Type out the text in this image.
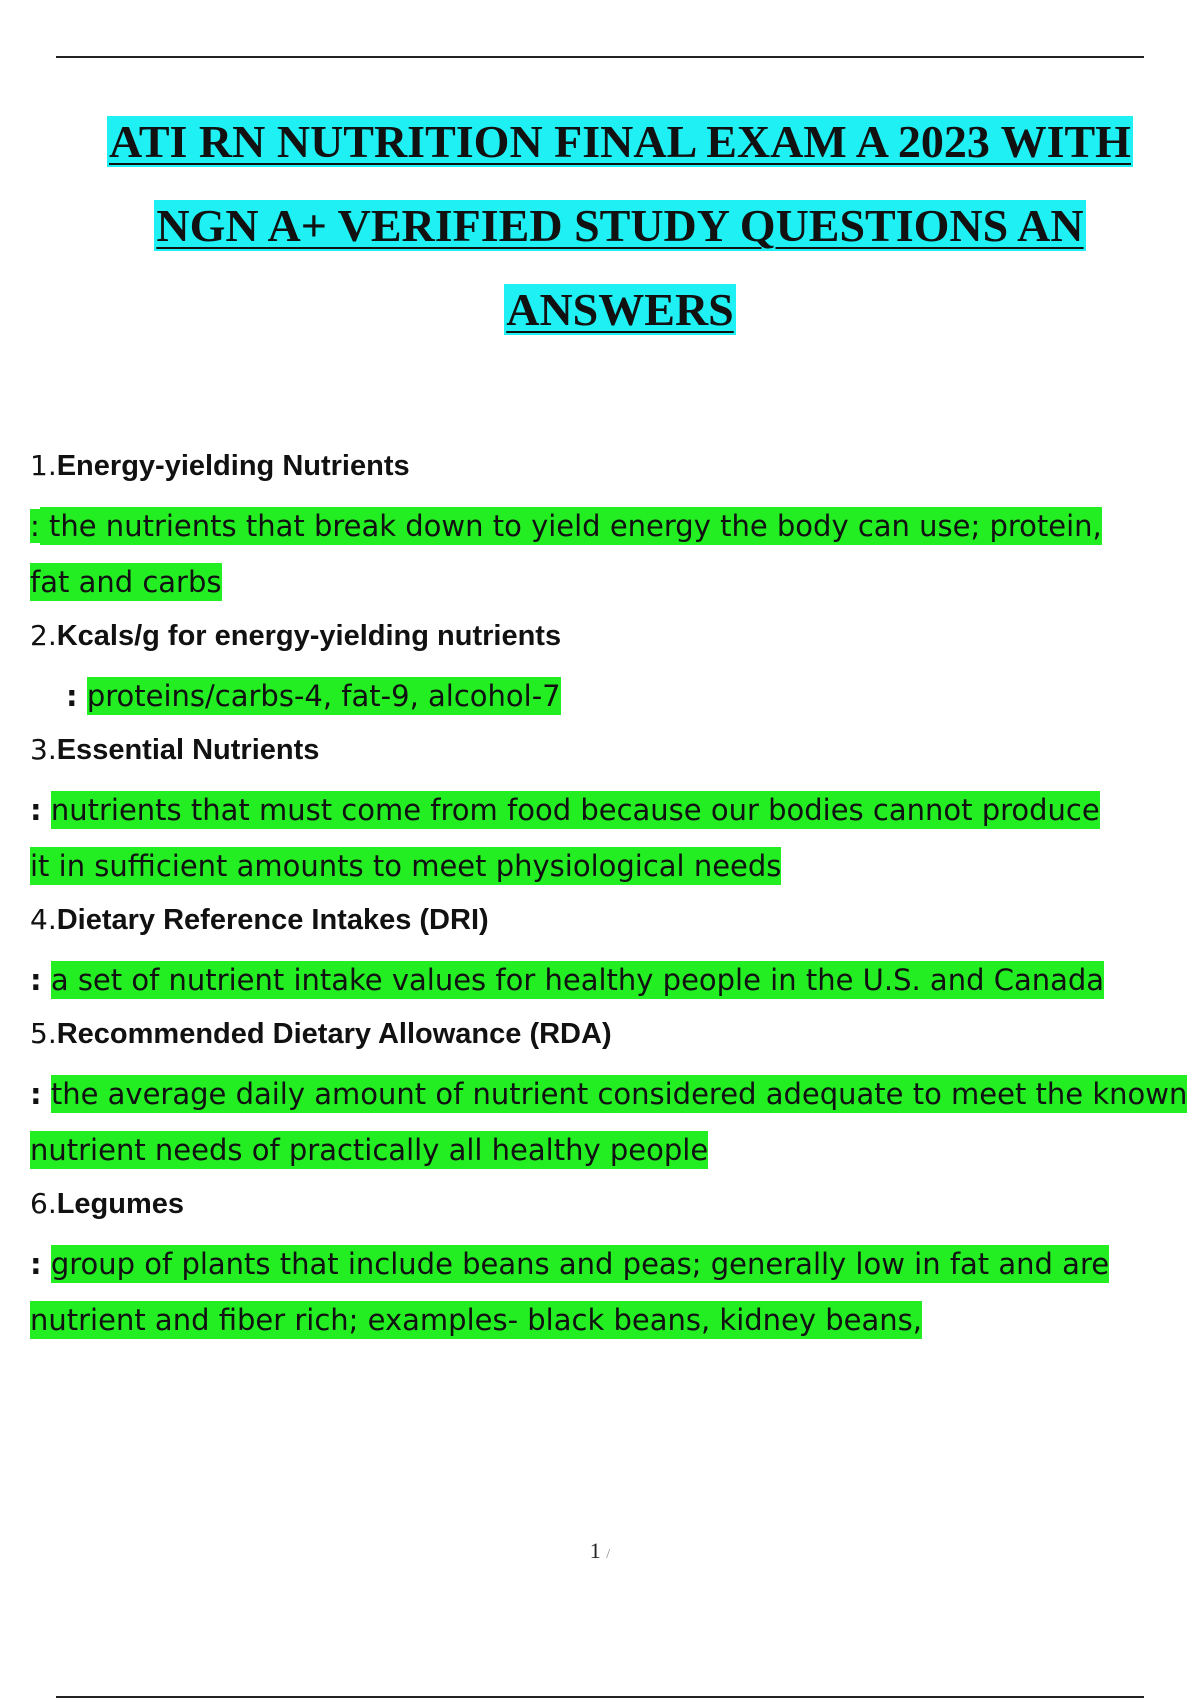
ATI RN NUTRITION FINAL EXAM A 2023 WITH
NGN A+ VERIFIED STUDY QUESTIONS AN
ANSWERS
1.Energy-yielding Nutrients
: the nutrients that break down to yield energy the body can use; protein, fat and carbs
2.Kcals/g for energy-yielding nutrients
: proteins/carbs-4, fat-9, alcohol-7
3.Essential Nutrients
: nutrients that must come from food because our bodies cannot produce it in sufficient amounts to meet physiological needs
4.Dietary Reference Intakes (DRI)
: a set of nutrient intake values for healthy people in the U.S. and Canada
5.Recommended Dietary Allowance (RDA)
: the average daily amount of nutrient considered adequate to meet the known nutrient needs of practically all healthy people
6.Legumes
: group of plants that include beans and peas; generally low in fat and are nutrient and fiber rich; examples- black beans, kidney beans,
1 /
